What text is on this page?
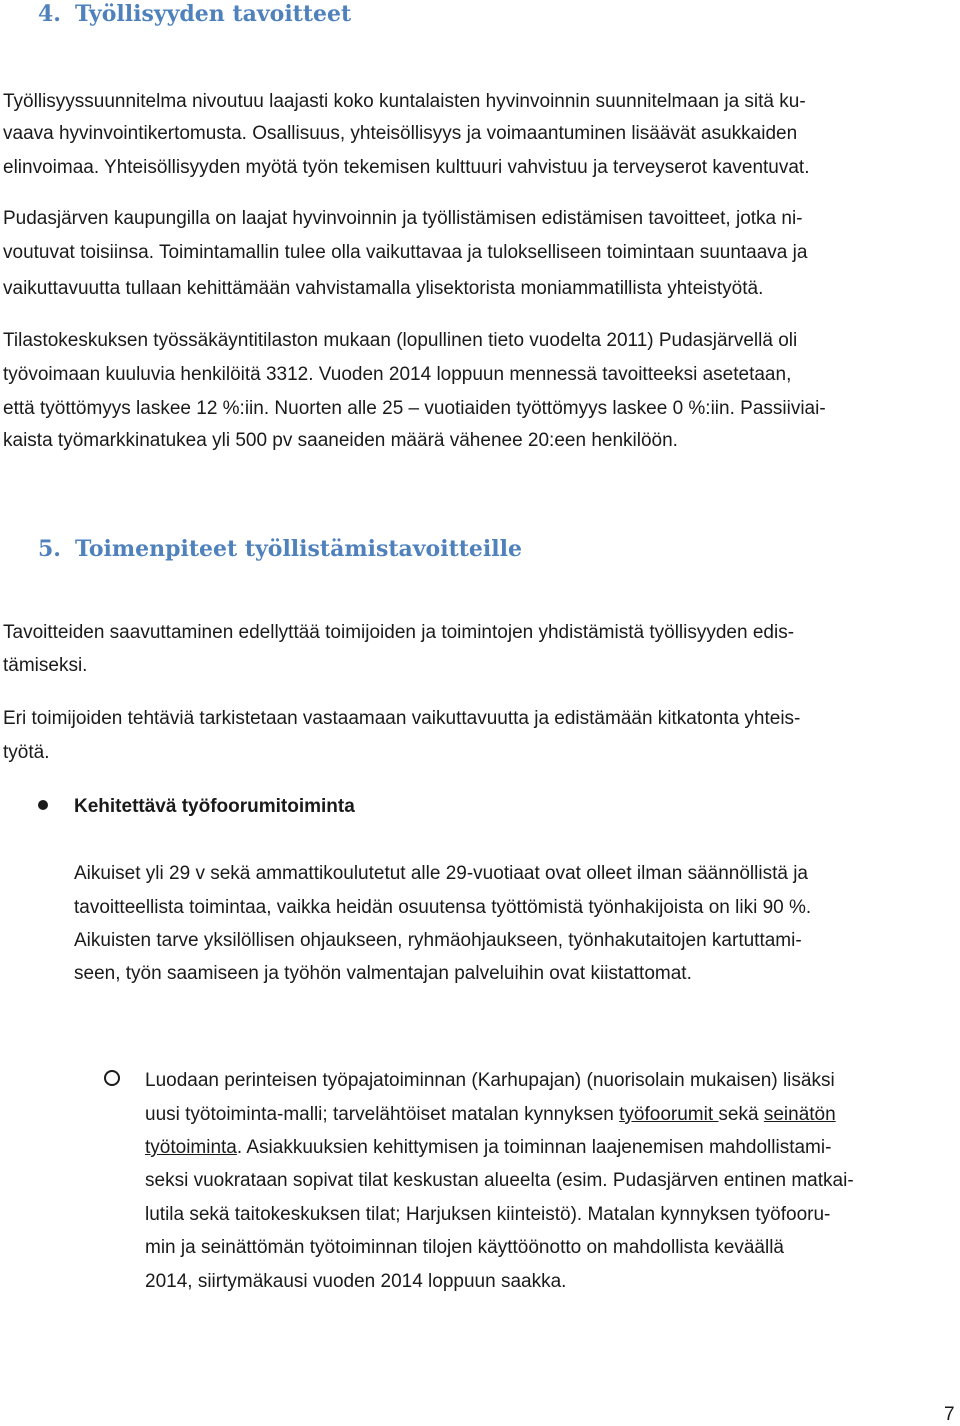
4. Työllisyyden tavoitteet
Työllisyyssuunnitelma nivoutuu laajasti koko kuntalaisten hyvinvoinnin suunnitelmaan ja sitä ku-
vaava hyvinvointikertomusta. Osallisuus, yhteisöllisyys ja voimaantuminen lisäävät asukkaiden
elinvoimaa. Yhteisöllisyyden myötä työn tekemisen kulttuuri vahvistuu ja terveyserot kaventuvat.
Pudasjärven kaupungilla on laajat hyvinvoinnin ja työllistämisen edistämisen tavoitteet, jotka ni-
voutuvat toisiinsa. Toimintamallin tulee olla vaikuttavaa ja tulokselliseen toimintaan suuntaava ja
vaikuttavuutta tullaan kehittämään vahvistamalla ylisektorista moniammatillista yhteistyötä.
Tilastokeskuksen työssäkäyntitilaston mukaan (lopullinen tieto vuodelta 2011) Pudasjärvellä oli
työvoimaan kuuluvia henkilöitä 3312. Vuoden 2014 loppuun mennessä tavoitteeksi asetetaan,
että työttömyys laskee 12 %:iin. Nuorten alle 25 – vuotiaiden työttömyys laskee 0 %:iin. Passiiviai-
kaista työmarkkinatukea yli 500 pv saaneiden määrä vähenee 20:een henkilöön.
5. Toimenpiteet työllistämistavoitteille
Tavoitteiden saavuttaminen edellyttää toimijoiden ja toimintojen yhdistämistä työllisyyden edis-
tämiseksi.
Eri toimijoiden tehtäviä tarkistetaan vastaamaan vaikuttavuutta ja edistämään kitkatonta yhteis-
työtä.
Kehitettävä työfoorumitoiminta
Aikuiset yli 29 v sekä ammattikoulutetut alle 29-vuotiaat ovat olleet ilman säännöllistä ja
tavoitteellista toimintaa, vaikka heidän osuutensa työttömistä työnhakijoista on liki 90 %.
Aikuisten tarve yksilöllisen ohjaukseen, ryhmäohjaukseen, työnhakutaitojen kartuttami-
seen, työn saamiseen ja työhön valmentajan palveluihin ovat kiistattomat.
Luodaan perinteisen työpajatoiminnan (Karhupajan) (nuorisolain mukaisen) lisäksi
uusi työtoiminta-malli; tarvelähtöiset matalan kynnyksen työfoorumit sekä seinätön
työtoiminta. Asiakkuuksien kehittymisen ja toiminnan laajenemisen mahdollistami-
seksi vuokrataan sopivat tilat keskustan alueelta (esim. Pudasjärven entinen matkai-
lutila sekä taitokeskuksen tilat; Harjuksen kiinteistö). Matalan kynnyksen työfooru-
min ja seinättömän työtoiminnan tilojen käyttöönotto on mahdollista keväällä
2014, siirtymäkausi vuoden 2014 loppuun saakka.
7
